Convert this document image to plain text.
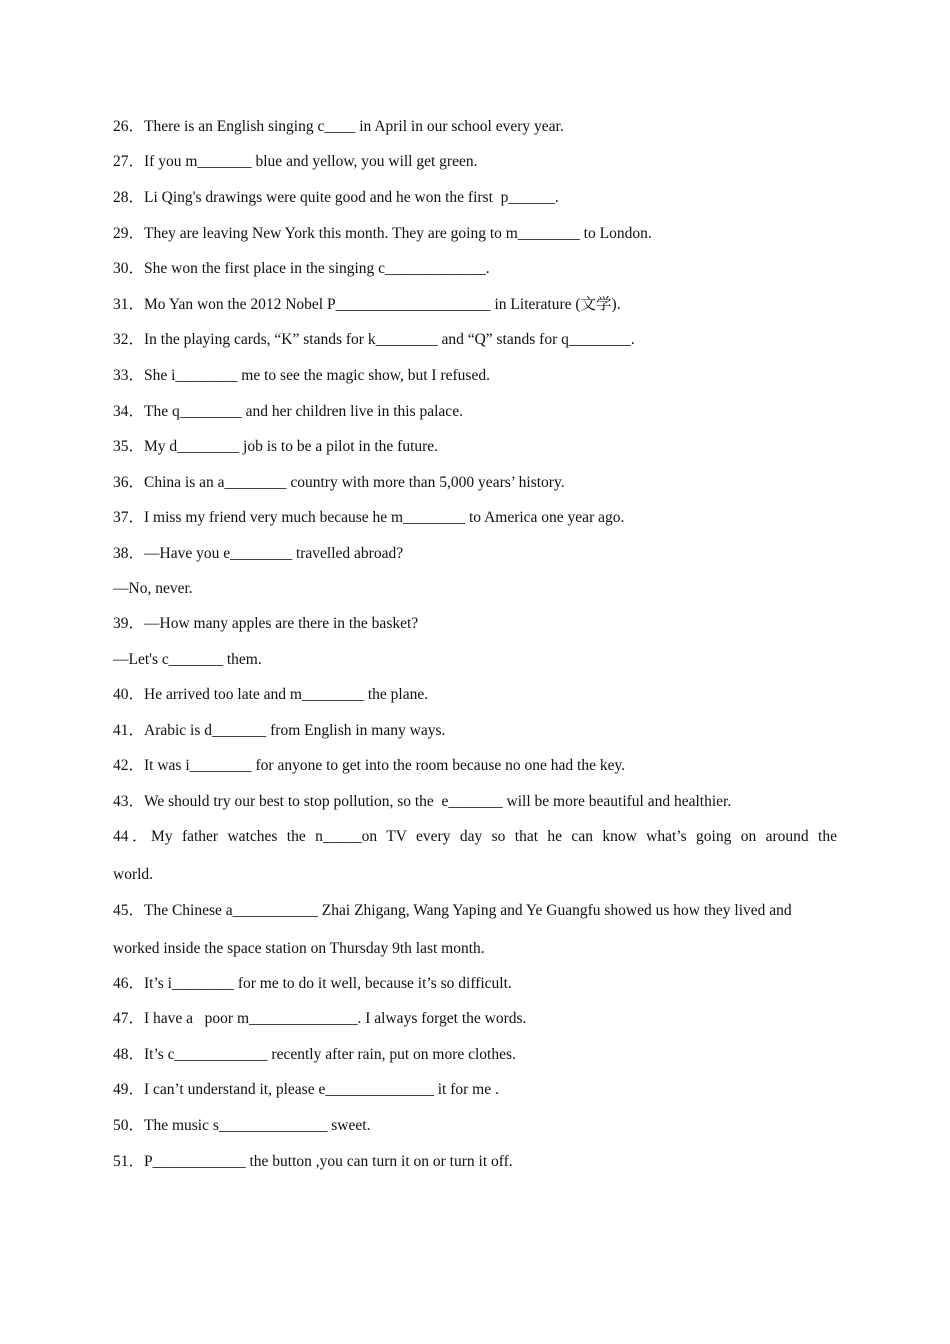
26．There is an English singing c____ in April in our school every year.
27．If you m_______ blue and yellow, you will get green.
28．Li Qing's drawings were quite good and he won the first  p______.
29．They are leaving New York this month. They are going to m________ to London.
30．She won the first place in the singing c_____________.
31．Mo Yan won the 2012 Nobel P____________________ in Literature (文学).
32．In the playing cards, “K” stands for k________ and “Q” stands for q________.
33．She i________ me to see the magic show, but I refused.
34．The q________ and her children live in this palace.
35．My d________ job is to be a pilot in the future.
36．China is an a________ country with more than 5,000 years’ history.
37．I miss my friend very much because he m________ to America one year ago.
38．—Have you e________ travelled abroad?
—No, never.
39．—How many apples are there in the basket?
—Let's c_______ them.
40．He arrived too late and m________ the plane.
41．Arabic is d_______ from English in many ways.
42．It was i________ for anyone to get into the room because no one had the key.
43．We should try our best to stop pollution, so the  e_______ will be more beautiful and healthier.
44．My father watches the n_____on TV every day so that he can know what’s going on around the
world.
45．The Chinese a___________ Zhai Zhigang, Wang Yaping and Ye Guangfu showed us how they lived and
worked inside the space station on Thursday 9th last month.
46．It’s i________ for me to do it well, because it’s so difficult.
47．I have a   poor m______________. I always forget the words.
48．It’s c____________ recently after rain, put on more clothes.
49．I can’t understand it, please e______________ it for me .
50．The music s______________ sweet.
51．P____________ the button ,you can turn it on or turn it off.
